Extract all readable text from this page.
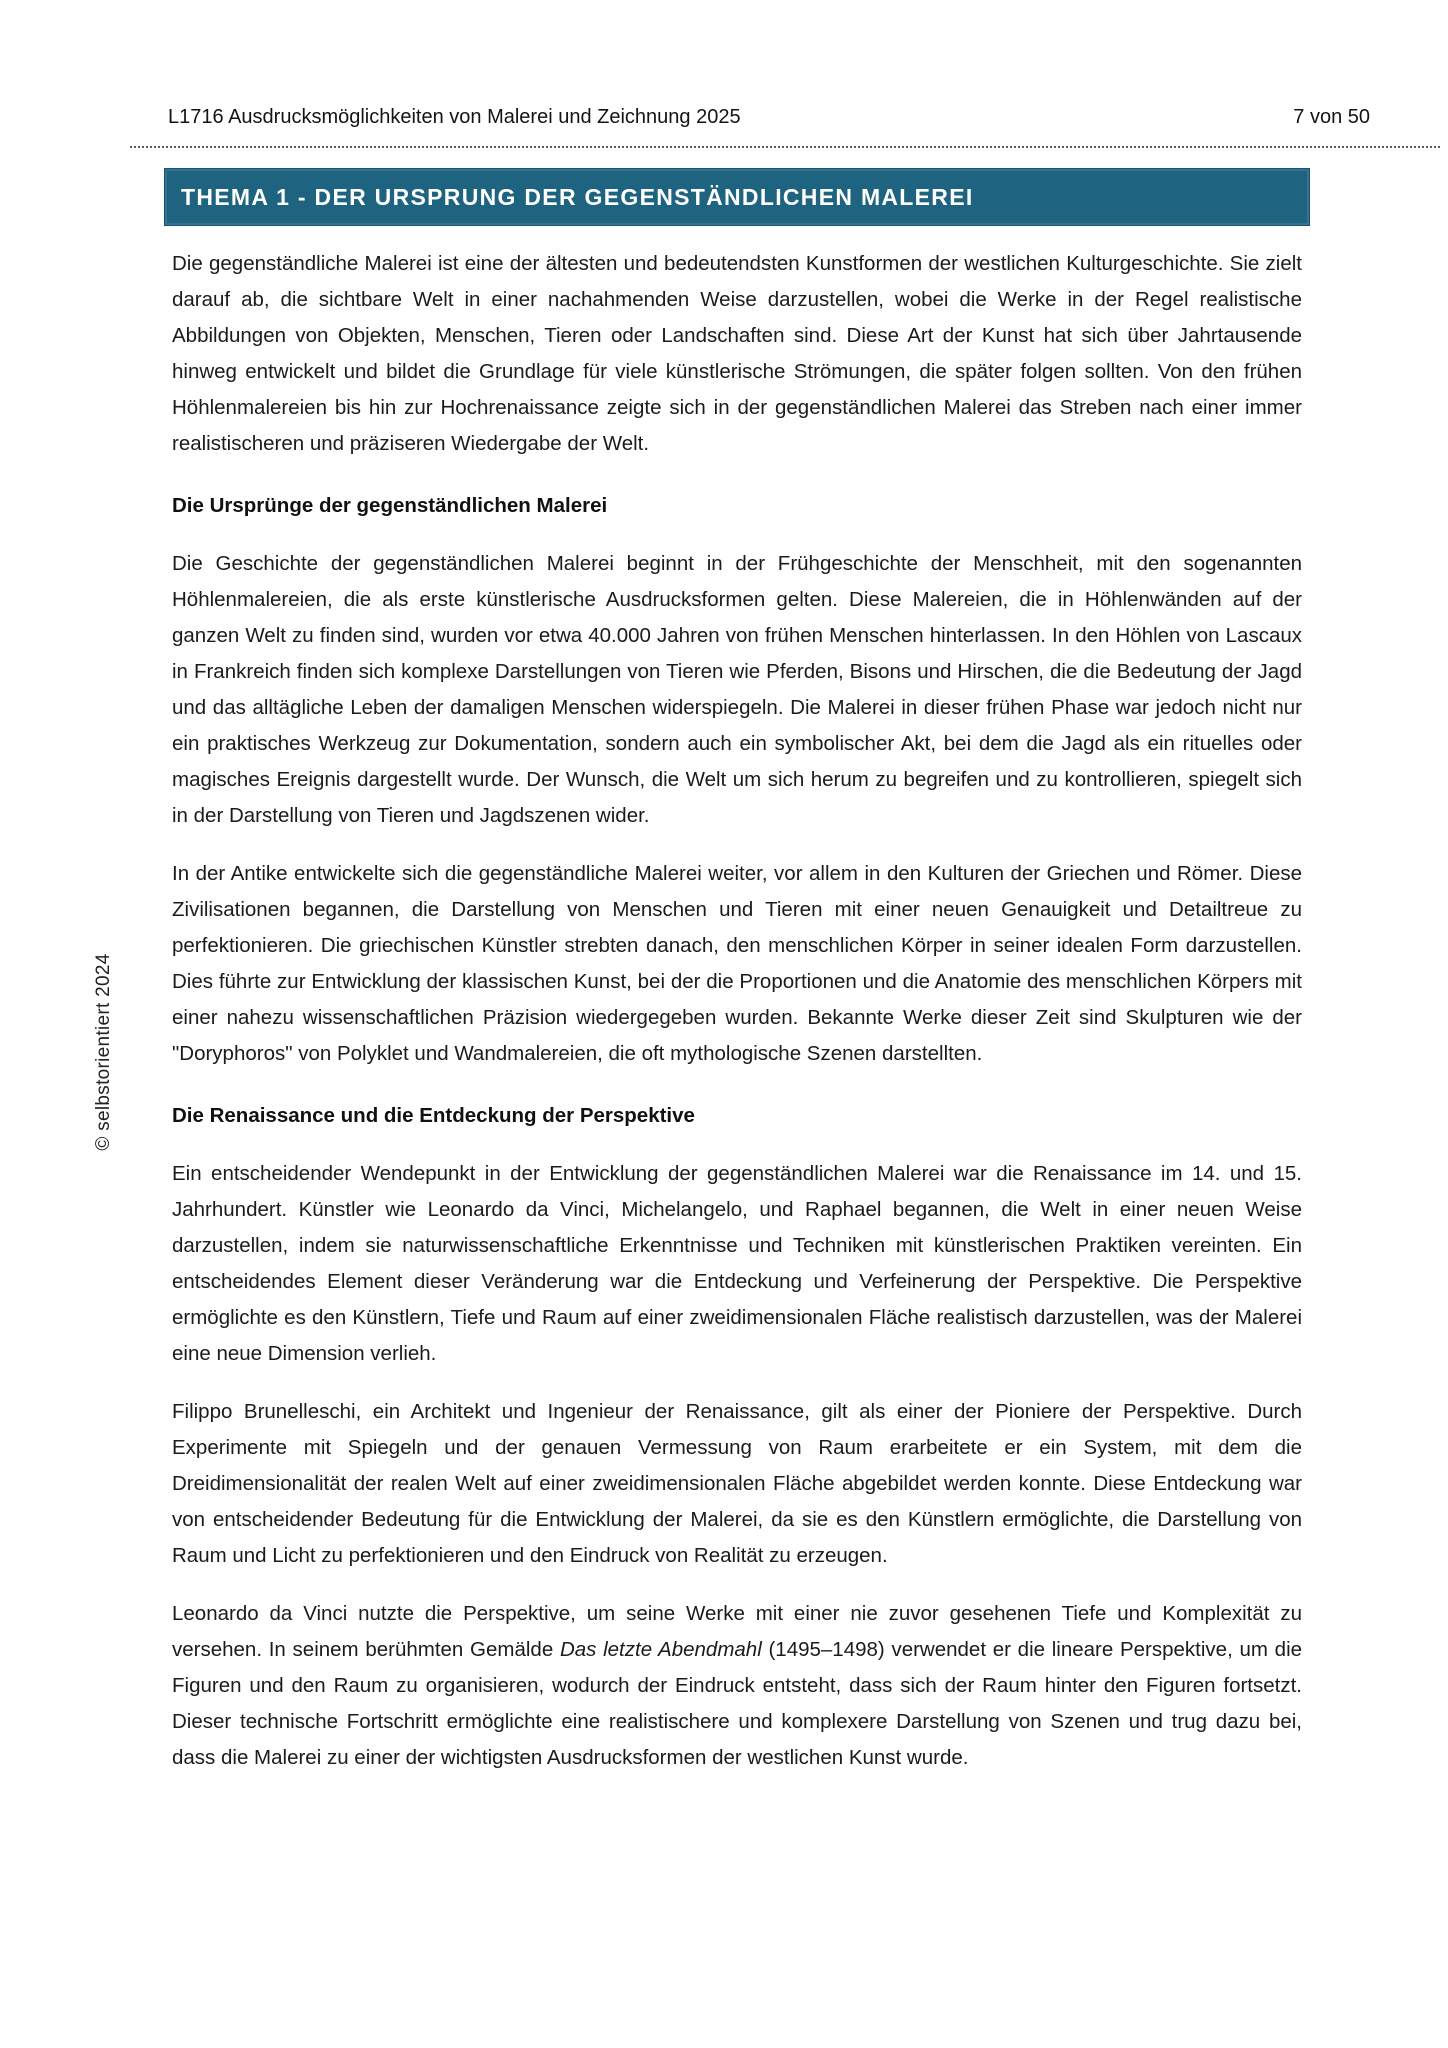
© selbstorientiert 2024
L1716 Ausdrucksmöglichkeiten von Malerei und Zeichnung 2025	7 von 50
THEMA 1 - DER URSPRUNG DER GEGENSTÄNDLICHEN MALEREI

Die gegenständliche Malerei ist eine der ältesten und bedeutendsten Kunstformen der westlichen Kulturgeschichte. Sie zielt darauf ab, die sichtbare Welt in einer nachahmenden Weise darzustellen, wobei die Werke in der Regel realistische Abbildungen von Objekten, Menschen, Tieren oder Landschaften sind. Diese Art der Kunst hat sich über Jahrtausende hinweg entwickelt und bildet die Grundlage für viele künstlerische Strömungen, die später folgen sollten. Von den frühen Höhlenmalereien bis hin zur Hochrenaissance zeigte sich in der gegenständlichen Malerei das Streben nach einer immer realistischeren und präziseren Wiedergabe der Welt.

Die Ursprünge der gegenständlichen Malerei

Die Geschichte der gegenständlichen Malerei beginnt in der Frühgeschichte der Menschheit, mit den sogenannten Höhlenmalereien, die als erste künstlerische Ausdrucksformen gelten. Diese Malereien, die in Höhlenwänden auf der ganzen Welt zu finden sind, wurden vor etwa 40.000 Jahren von frühen Menschen hinterlassen. In den Höhlen von Lascaux in Frankreich finden sich komplexe Darstellungen von Tieren wie Pferden, Bisons und Hirschen, die die Bedeutung der Jagd und das alltägliche Leben der damaligen Menschen widerspiegeln. Die Malerei in dieser frühen Phase war jedoch nicht nur ein praktisches Werkzeug zur Dokumentation, sondern auch ein symbolischer Akt, bei dem die Jagd als ein rituelles oder magisches Ereignis dargestellt wurde. Der Wunsch, die Welt um sich herum zu begreifen und zu kontrollieren, spiegelt sich in der Darstellung von Tieren und Jagdszenen wider.

In der Antike entwickelte sich die gegenständliche Malerei weiter, vor allem in den Kulturen der Griechen und Römer. Diese Zivilisationen begannen, die Darstellung von Menschen und Tieren mit einer neuen Genauigkeit und Detailtreue zu perfektionieren. Die griechischen Künstler strebten danach, den menschlichen Körper in seiner idealen Form darzustellen. Dies führte zur Entwicklung der klassischen Kunst, bei der die Proportionen und die Anatomie des menschlichen Körpers mit einer nahezu wissenschaftlichen Präzision wiedergegeben wurden. Bekannte Werke dieser Zeit sind Skulpturen wie der "Doryphoros" von Polyklet und Wandmalereien, die oft mythologische Szenen darstellten.

Die Renaissance und die Entdeckung der Perspektive

Ein entscheidender Wendepunkt in der Entwicklung der gegenständlichen Malerei war die Renaissance im 14. und 15. Jahrhundert. Künstler wie Leonardo da Vinci, Michelangelo, und Raphael begannen, die Welt in einer neuen Weise darzustellen, indem sie naturwissenschaftliche Erkenntnisse und Techniken mit künstlerischen Praktiken vereinten. Ein entscheidendes Element dieser Veränderung war die Entdeckung und Verfeinerung der Perspektive. Die Perspektive ermöglichte es den Künstlern, Tiefe und Raum auf einer zweidimensionalen Fläche realistisch darzustellen, was der Malerei eine neue Dimension verlieh.

Filippo Brunelleschi, ein Architekt und Ingenieur der Renaissance, gilt als einer der Pioniere der Perspektive. Durch Experimente mit Spiegeln und der genauen Vermessung von Raum erarbeitete er ein System, mit dem die Dreidimensionalität der realen Welt auf einer zweidimensionalen Fläche abgebildet werden konnte. Diese Entdeckung war von entscheidender Bedeutung für die Entwicklung der Malerei, da sie es den Künstlern ermöglichte, die Darstellung von Raum und Licht zu perfektionieren und den Eindruck von Realität zu erzeugen.

Leonardo da Vinci nutzte die Perspektive, um seine Werke mit einer nie zuvor gesehenen Tiefe und Komplexität zu versehen. In seinem berühmten Gemälde Das letzte Abendmahl (1495–1498) verwendet er die lineare Perspektive, um die Figuren und den Raum zu organisieren, wodurch der Eindruck entsteht, dass sich der Raum hinter den Figuren fortsetzt. Dieser technische Fortschritt ermöglichte eine realistischere und komplexere Darstellung von Szenen und trug dazu bei, dass die Malerei zu einer der wichtigsten Ausdrucksformen der westlichen Kunst wurde.
